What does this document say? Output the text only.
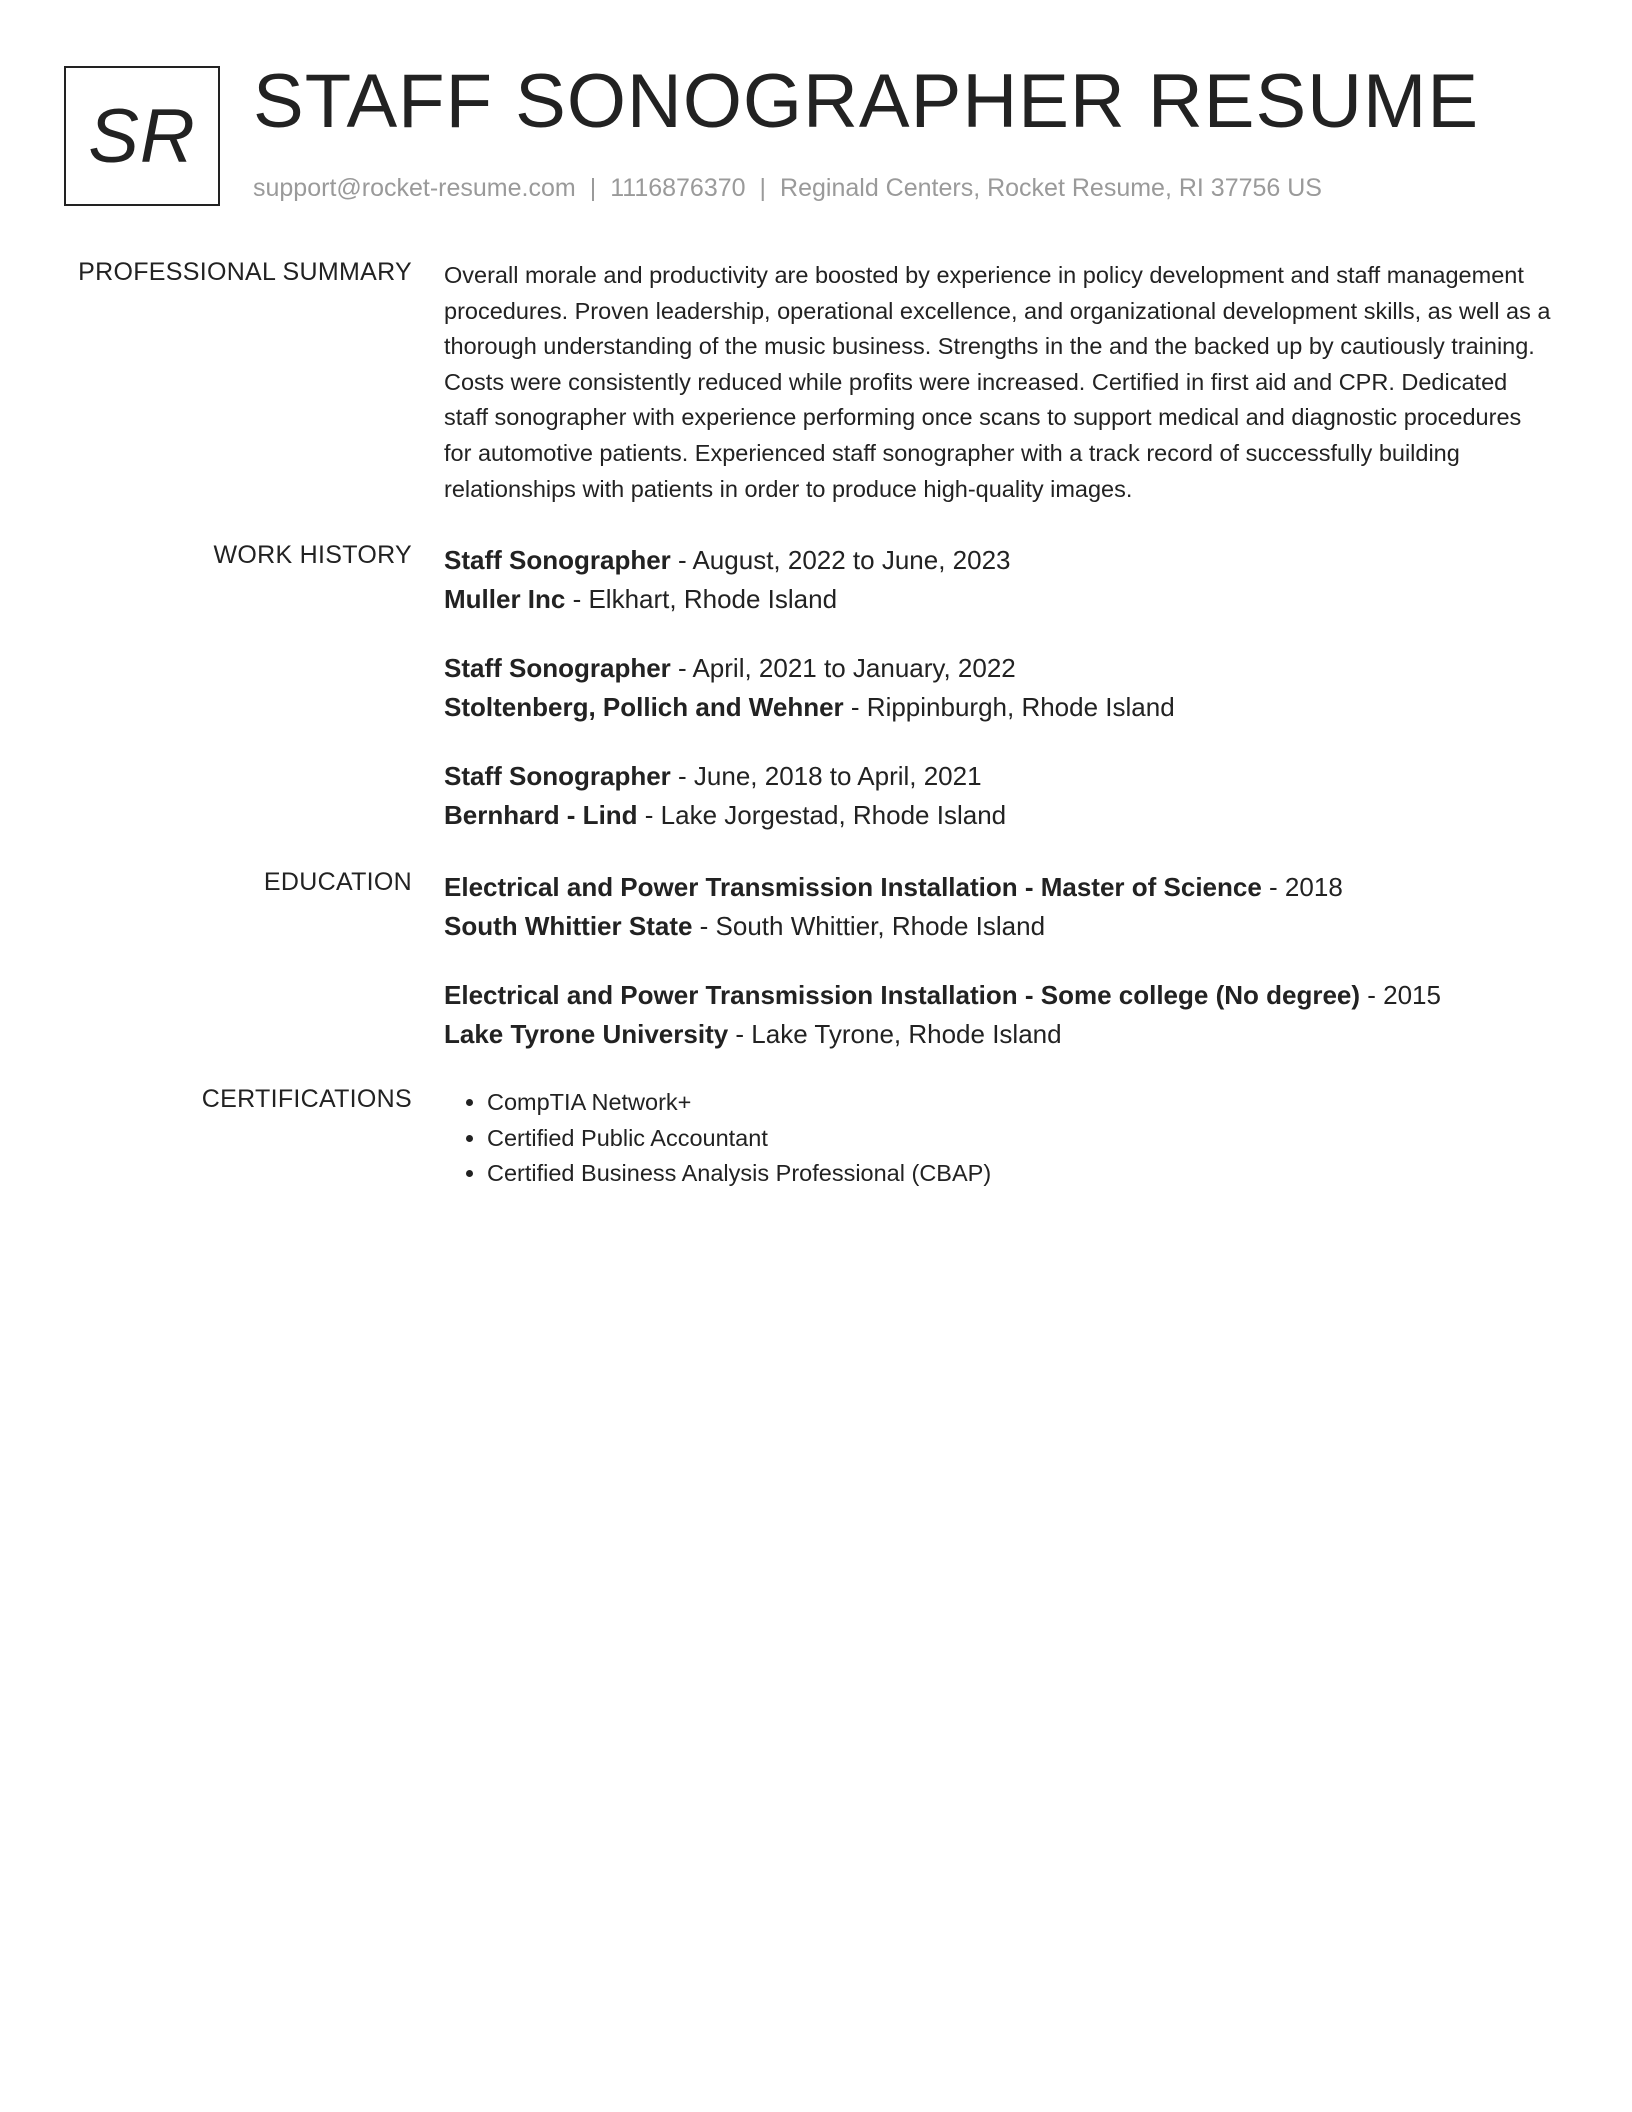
SR STAFF SONOGRAPHER RESUME
support@rocket-resume.com | 1116876370 | Reginald Centers, Rocket Resume, RI 37756 US
PROFESSIONAL SUMMARY Overall morale and productivity are boosted by experience in policy development and staff management procedures. Proven leadership, operational excellence, and organizational development skills, as well as a thorough understanding of the music business. Strengths in the and the backed up by cautiously training. Costs were consistently reduced while profits were increased. Certified in first aid and CPR. Dedicated staff sonographer with experience performing once scans to support medical and diagnostic procedures for automotive patients. Experienced staff sonographer with a track record of successfully building relationships with patients in order to produce high-quality images.

WORK HISTORY Staff Sonographer - August, 2022 to June, 2023
Muller Inc - Elkhart, Rhode Island
Staff Sonographer - April, 2021 to January, 2022
Stoltenberg, Pollich and Wehner - Rippinburgh, Rhode Island
Staff Sonographer - June, 2018 to April, 2021
Bernhard - Lind - Lake Jorgestad, Rhode Island
EDUCATION Electrical and Power Transmission Installation - Master of Science - 2018
South Whittier State - South Whittier, Rhode Island
Electrical and Power Transmission Installation - Some college (No degree) - 2015
Lake Tyrone University - Lake Tyrone, Rhode Island
CERTIFICATIONS
•	CompTIA Network+
• Certified Public Accountant
• Certified Business Analysis Professional (CBAP)
